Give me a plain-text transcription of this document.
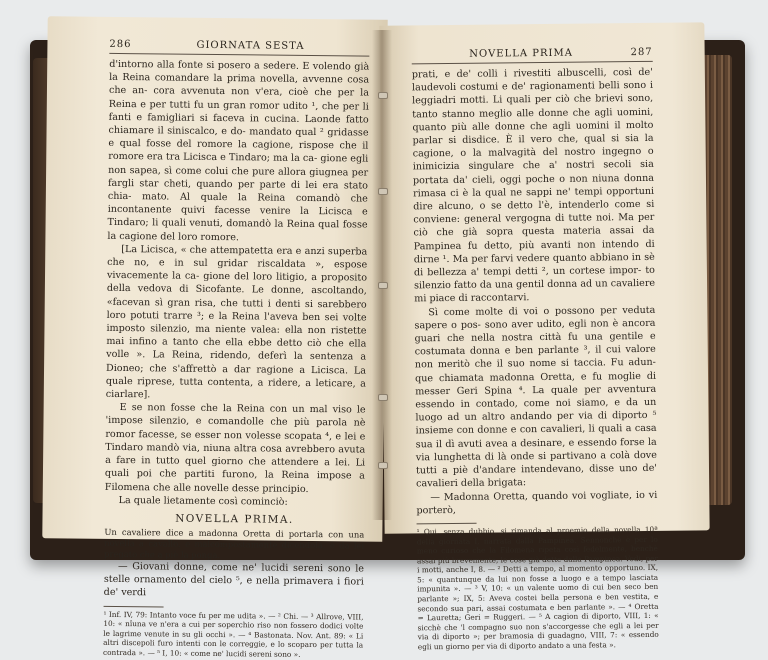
286	GIORNATA SESTA

d'intorno alla fonte si posero a sedere. E volendo già la Reina comandare la prima novella, avvenne cosa che an- cora avvenuta non v'era, cioè che per la Reina e per tutti fu un gran romor udito ¹, che per li fanti e famigliari si faceva in cucina. Laonde fatto chiamare il siniscalco, e do- mandato qual ² gridasse e qual fosse del romore la cagione, rispose che il romore era tra Licisca e Tindaro; ma la ca- gione egli non sapea, sì come colui che pure allora giugnea per fargli star cheti, quando per parte di lei era stato chia- mato. Al quale la Reina comandò che incontanente quivi facesse venire la Licisca e Tindaro; li quali venuti, domandò la Reina qual fosse la cagione del loro romore.

[La Licisca, « che attempatetta era e anzi superba che no, e in sul gridar riscaldata », espose vivacemente la ca- gione del loro litigio, a proposito della vedova di Sicofante. Le donne, ascoltando, «facevan sì gran risa, che tutti i denti si sarebbero loro potuti trarre ³; e la Reina l'aveva ben sei volte imposto silenzio, ma niente valea: ella non ristette mai infino a tanto che ella ebbe detto ciò che ella volle ». La Reina, ridendo, deferì la sentenza a Dioneo; che s'affrettò a dar ragione a Licisca. La quale riprese, tutta contenta, a ridere, a leticare, a ciarlare].

E se non fosse che la Reina con un mal viso le 'impose silenzio, e comandolle che più parola nè romor facesse, se esser non volesse scopata ⁴, e lei e Tindaro mandò via, niuna altra cosa avrebbero avuta a fare in tutto quel giorno che attendere a lei. Li quali poi che partiti furono, la Reina impose a Filomena che alle novelle desse principio.

La quale lietamente così cominciò:

NOVELLA PRIMA.
Un cavaliere dice a madonna Oretta di portarla con una novella a cavallo, e malcompostamente dicendola, è da lei pregato che a piè la ponga.

— Giovani donne, come ne' lucidi sereni sono le stelle ornamento del cielo ⁵, e nella primavera i fiori de' verdi

¹ Inf. IV, 79: Intanto voce fu per me udita ». — ² Chi. — ³ Allrove, VIII, 10: « nîuna ve n'era a cui per soperchio riso non fossero dodici volte le lagrime venute in su gli occhi ». — ⁴ Bastonata. Nov. Ant. 89: « Li altri discepoli furo intenti con le correggie, e lo scoparo per tutta la contrada ». — ⁵ I, 10: « come ne' lucidi sereni sono ».

NOVELLA PRIMA	287

prati, e de' colli i rivestiti albuscelli, così de' laudevoli costumi e de' ragionamenti belli sono i leggiadri motti. Li quali per ciò che brievi sono, tanto stanno meglio alle donne che agli uomini, quanto più alle donne che agli uomini il molto parlar si disdice. È il vero che, qual si sia la cagione, o la malvagità del nostro ingegno o inimicizia singulare che a' nostri secoli sia portata da' cieli, oggi poche o non niuna donna rimasa ci è la qual ne sappi ne' tempi opportuni dire alcuno, o se detto l'è, intenderlo come si conviene: general vergogna di tutte noi. Ma per ciò che già sopra questa materia assai da Pampinea fu detto, più avanti non intendo di dirne ¹. Ma per farvi vedere quanto abbiano in sè di bellezza a' tempi detti ², un cortese impor- to silenzio fatto da una gentil donna ad un cavaliere mi piace di raccontarvi.

Sì come molte di voi o possono per veduta sapere o pos- sono aver udito, egli non è ancora guari che nella nostra città fu una gentile e costumata donna e ben parlante ³, il cui valore non meritò che il suo nome si taccia. Fu adun- que chiamata madonna Oretta, e fu moglie di messer Geri Spina ⁴. La quale per avventura essendo in contado, come noi siamo, e da un luogo ad un altro andando per via di diporto ⁵ insieme con donne e con cavalieri, li quali a casa sua il dì avuti avea a desinare, e essendo forse la via lunghetta di là onde si partivano a colà dove tutti a piè d'andare intendevano, disse uno de' cavalieri della brigata:

— Madonna Oretta, quando voi vogliate, io vi porterò,

¹ Qui, senza dubbio, si rimanda al proemio della novella 10ª della giornata I, narrata dalla Pampinea. Sennonchè è per lo meno curioso che la Filomena ripeta così fedelmente, benchè assai più brevemente, le cose già dette dalla Pampinea. Vedi, per i motti, anche I, 8. — ² Detti a tempo, al momento opportuno. IX, 5: « quantunque da lui non fosse a luogo e a tempo lasciata impunita ». — ³ V, 10: « un valente uomo di cui ben seco ben parlante »; IX, 5: Aveva costei bella persona e ben vestita, e secondo sua pari, assai costumata e ben parlante ». — ⁴ Oretta = Lauretta; Geri = Ruggeri. — ⁵ A cagion di diporto, VIII, 1: « sicchè che 'l compagno suo non s'accorgesse che egli a lei per via di diporto »; per bramosia di guadagno, VIII, 7: « essendo egli un giorno per via di diporto andato a una festa ».
